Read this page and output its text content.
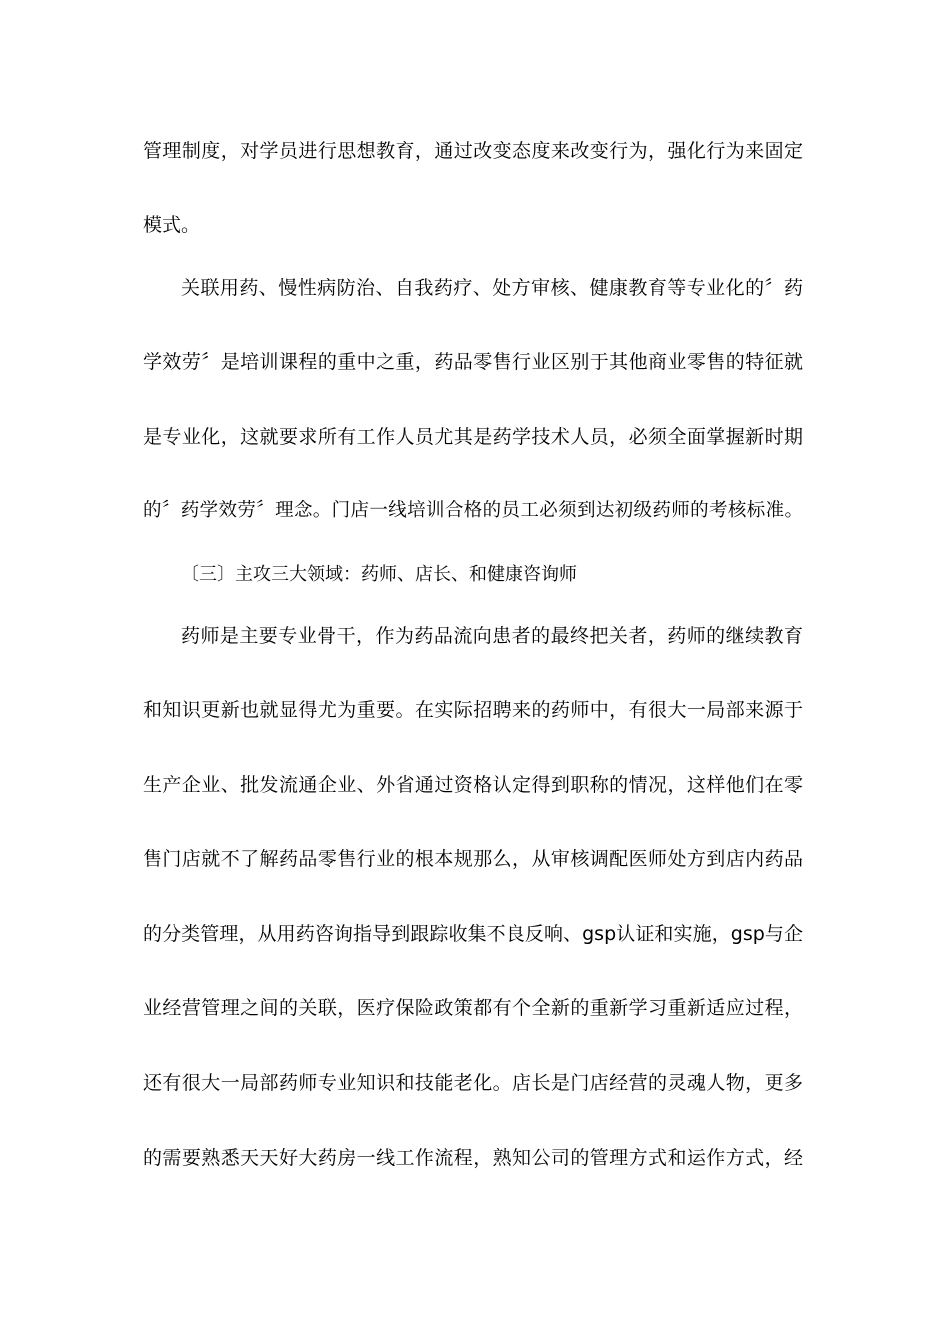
管理制度，对学员进行思想教育，通过改变态度来改变行为，强化行为来固定
模式。
关联用药、慢性病防治、自我药疗、处方审核、健康教育等专业化的〞药
学效劳〞是培训课程的重中之重，药品零售行业区别于其他商业零售的特征就
是专业化，这就要求所有工作人员尤其是药学技术人员，必须全面掌握新时期
的〞药学效劳〞理念。门店一线培训合格的员工必须到达初级药师的考核标准。
〔三〕主攻三大领域：药师、店长、和健康咨询师
药师是主要专业骨干，作为药品流向患者的最终把关者，药师的继续教育
和知识更新也就显得尤为重要。在实际招聘来的药师中，有很大一局部来源于
生产企业、批发流通企业、外省通过资格认定得到职称的情况，这样他们在零
售门店就不了解药品零售行业的根本规那么，从审核调配医师处方到店内药品
的分类管理，从用药咨询指导到跟踪收集不良反响、gsp认证和实施，gsp与企
业经营管理之间的关联，医疗保险政策都有个全新的重新学习重新适应过程，
还有很大一局部药师专业知识和技能老化。店长是门店经营的灵魂人物，更多
的需要熟悉天天好大药房一线工作流程，熟知公司的管理方式和运作方式，经
